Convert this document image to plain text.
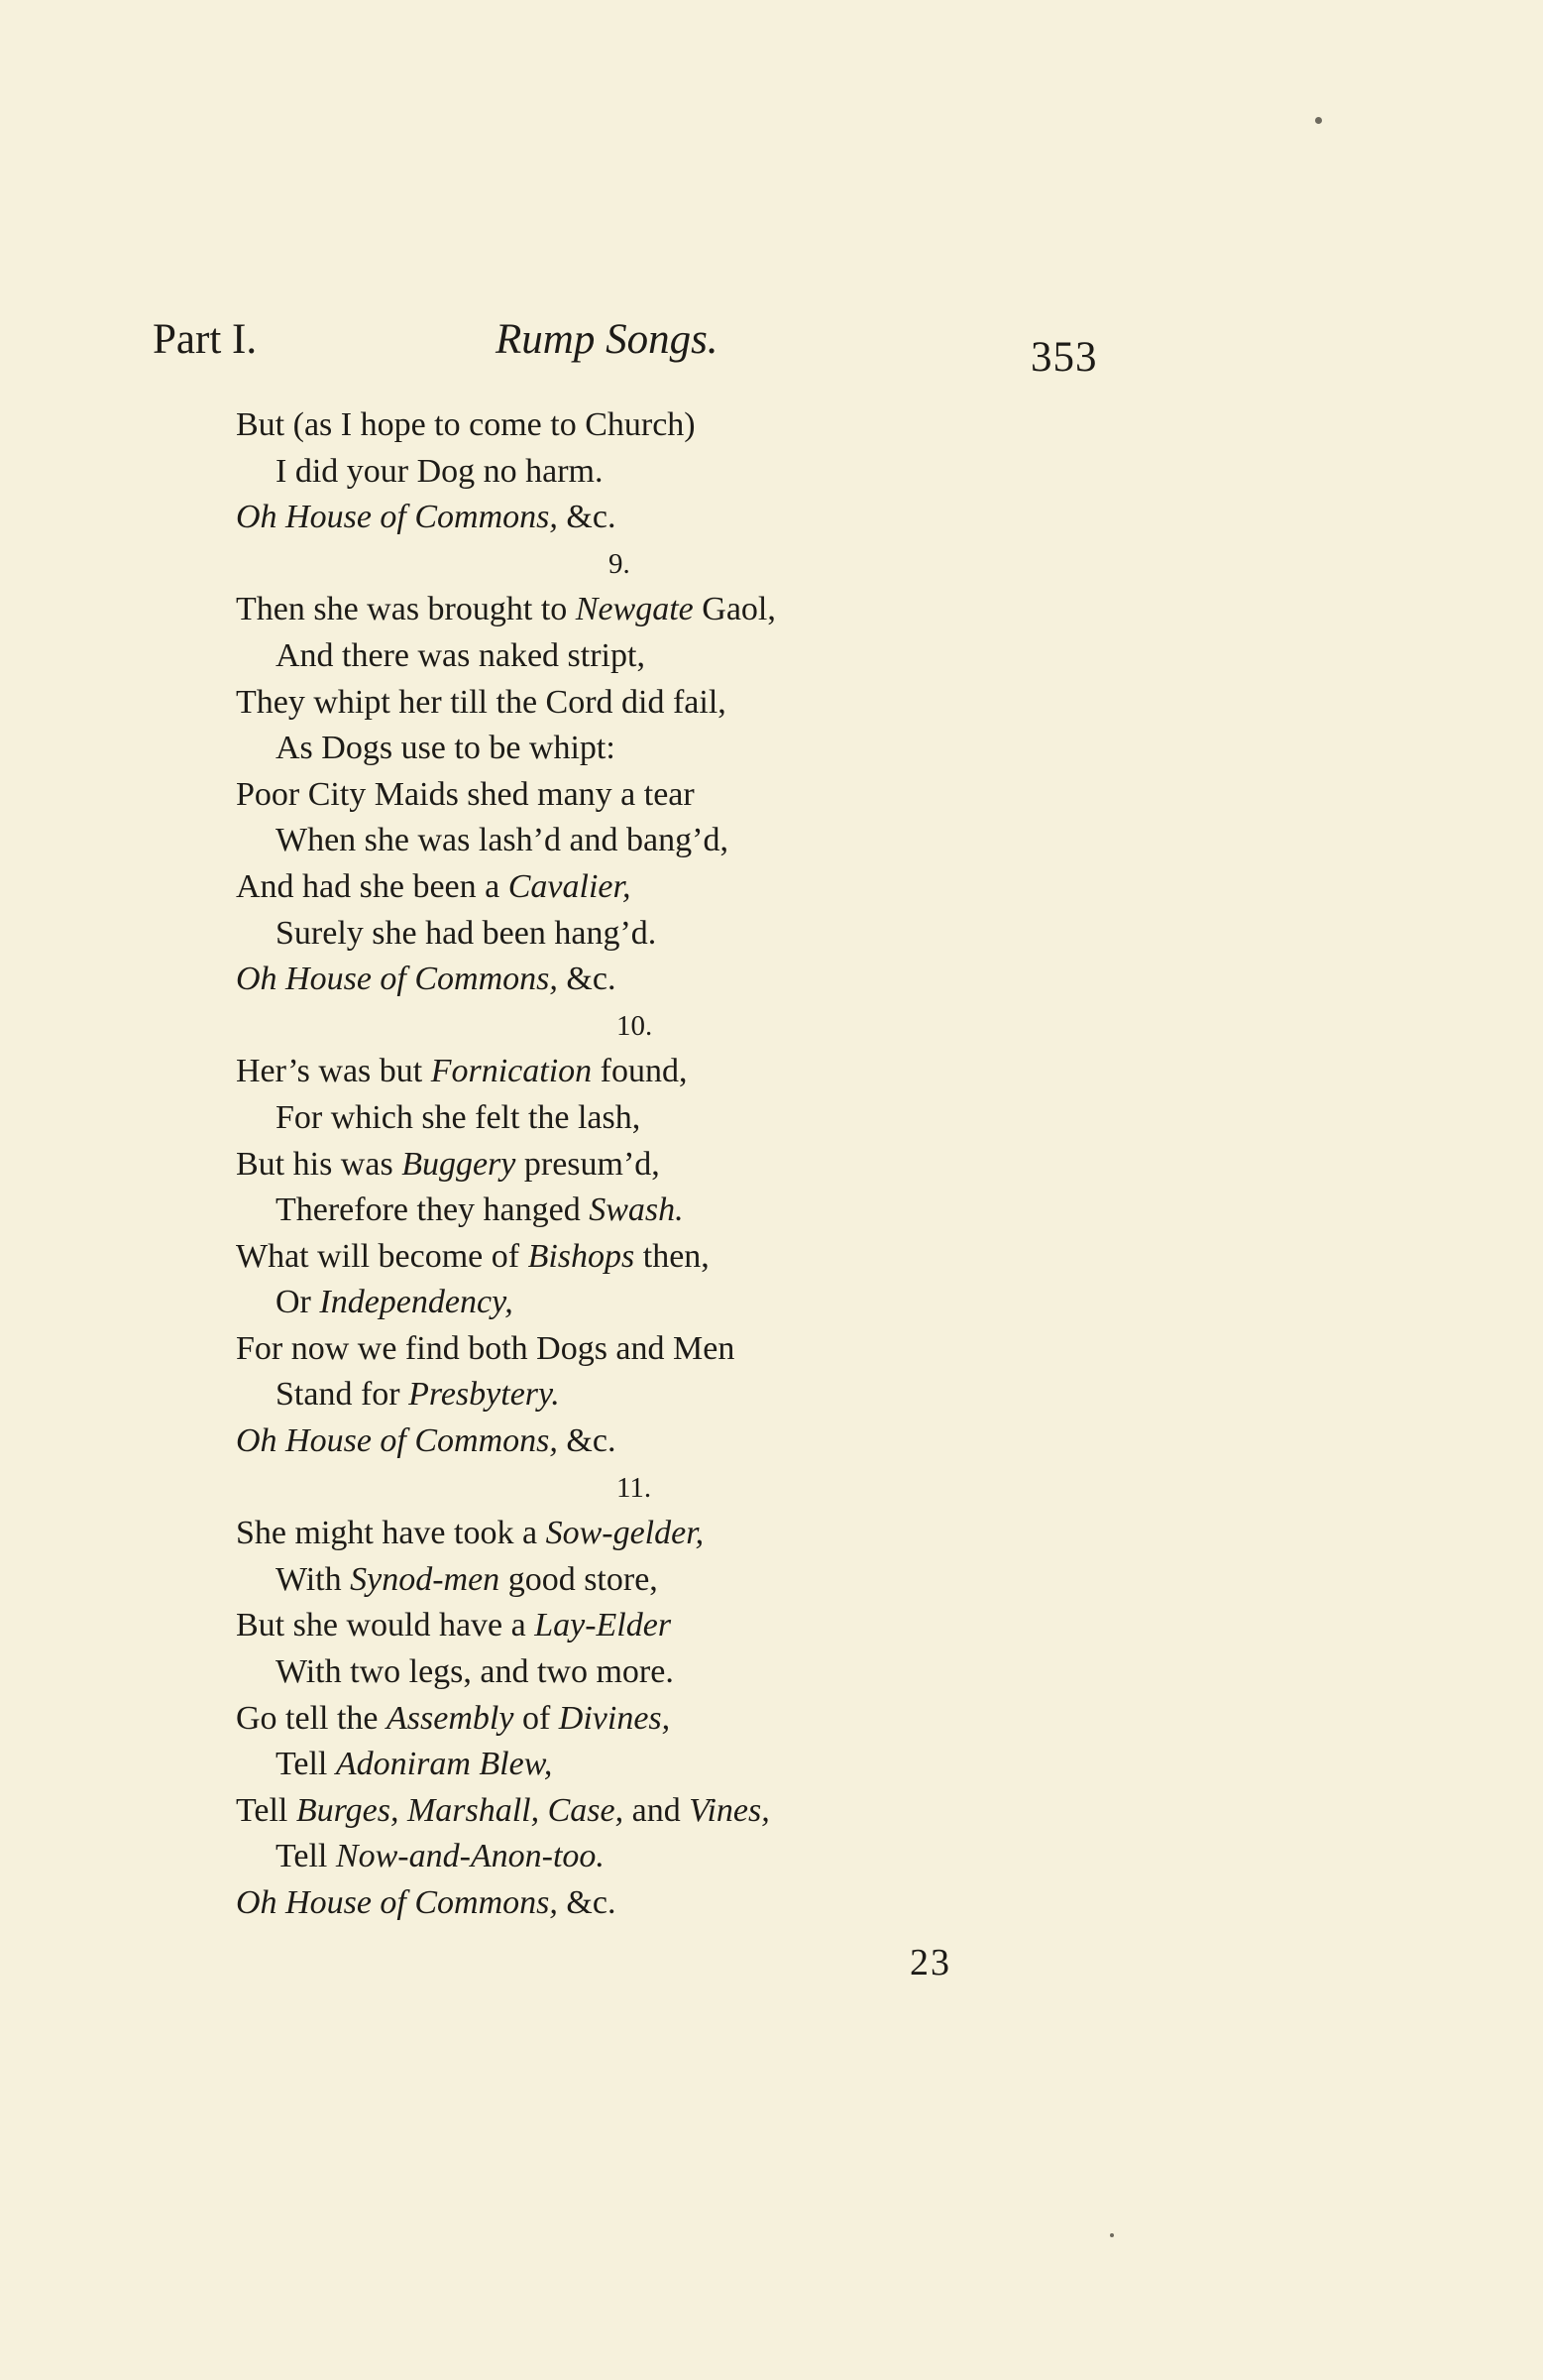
Part I.	Rump Songs.	353
But (as I hope to come to Church)
I did your Dog no harm.
Oh House of Commons, &c.
9.
Then she was brought to Newgate Gaol,
And there was naked stript,
They whipt her till the Cord did fail,
As Dogs use to be whipt:
Poor City Maids shed many a tear
When she was lash’d and bang’d,
And had she been a Cavalier,
Surely she had been hang’d.
Oh House of Commons, &c.
10.
Her’s was but Fornication found,
For which she felt the lash,
But his was Buggery presum’d,
Therefore they hanged Swash.
What will become of Bishops then,
Or Independency,
For now we find both Dogs and Men
Stand for Presbytery.
Oh House of Commons, &c.
11.
She might have took a Sow-gelder,
With Synod-men good store,
But she would have a Lay-Elder
With two legs, and two more.
Go tell the Assembly of Divines,
Tell Adoniram Blew,
Tell Burges, Marshall, Case, and Vines,
Tell Now-and-Anon-too.
Oh House of Commons, &c.
23
